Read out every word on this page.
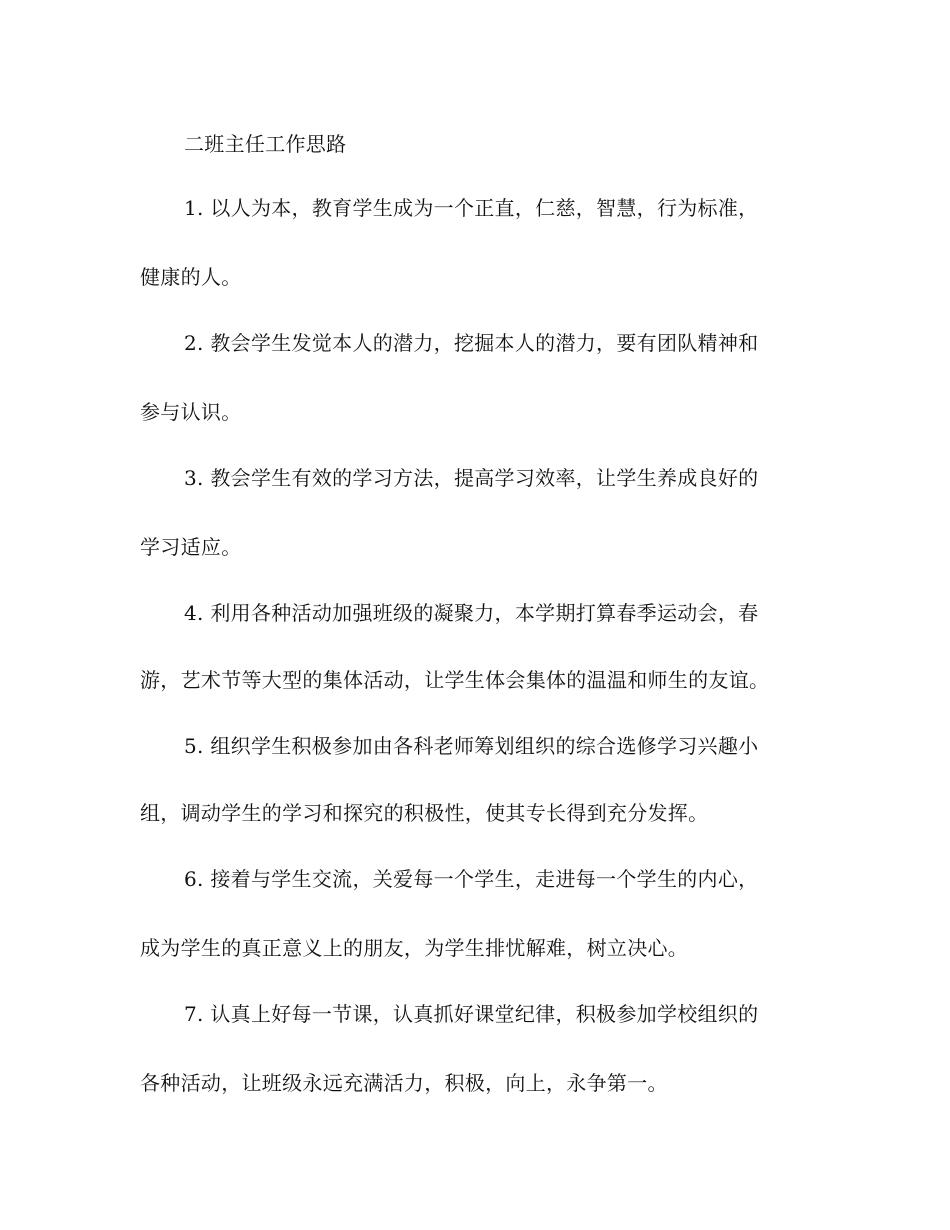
二班主任工作思路
1. 以人为本，教育学生成为一个正直，仁慈，智慧，行为标准，
健康的人。
2. 教会学生发觉本人的潜力，挖掘本人的潜力，要有团队精神和
参与认识。
3. 教会学生有效的学习方法，提高学习效率，让学生养成良好的
学习适应。
4. 利用各种活动加强班级的凝聚力，本学期打算春季运动会，春
游，艺术节等大型的集体活动，让学生体会集体的温温和师生的友谊。
5. 组织学生积极参加由各科老师筹划组织的综合选修学习兴趣小
组，调动学生的学习和探究的积极性，使其专长得到充分发挥。
6. 接着与学生交流，关爱每一个学生，走进每一个学生的内心，
成为学生的真正意义上的朋友，为学生排忧解难，树立决心。
7. 认真上好每一节课，认真抓好课堂纪律，积极参加学校组织的
各种活动，让班级永远充满活力，积极，向上，永争第一。
